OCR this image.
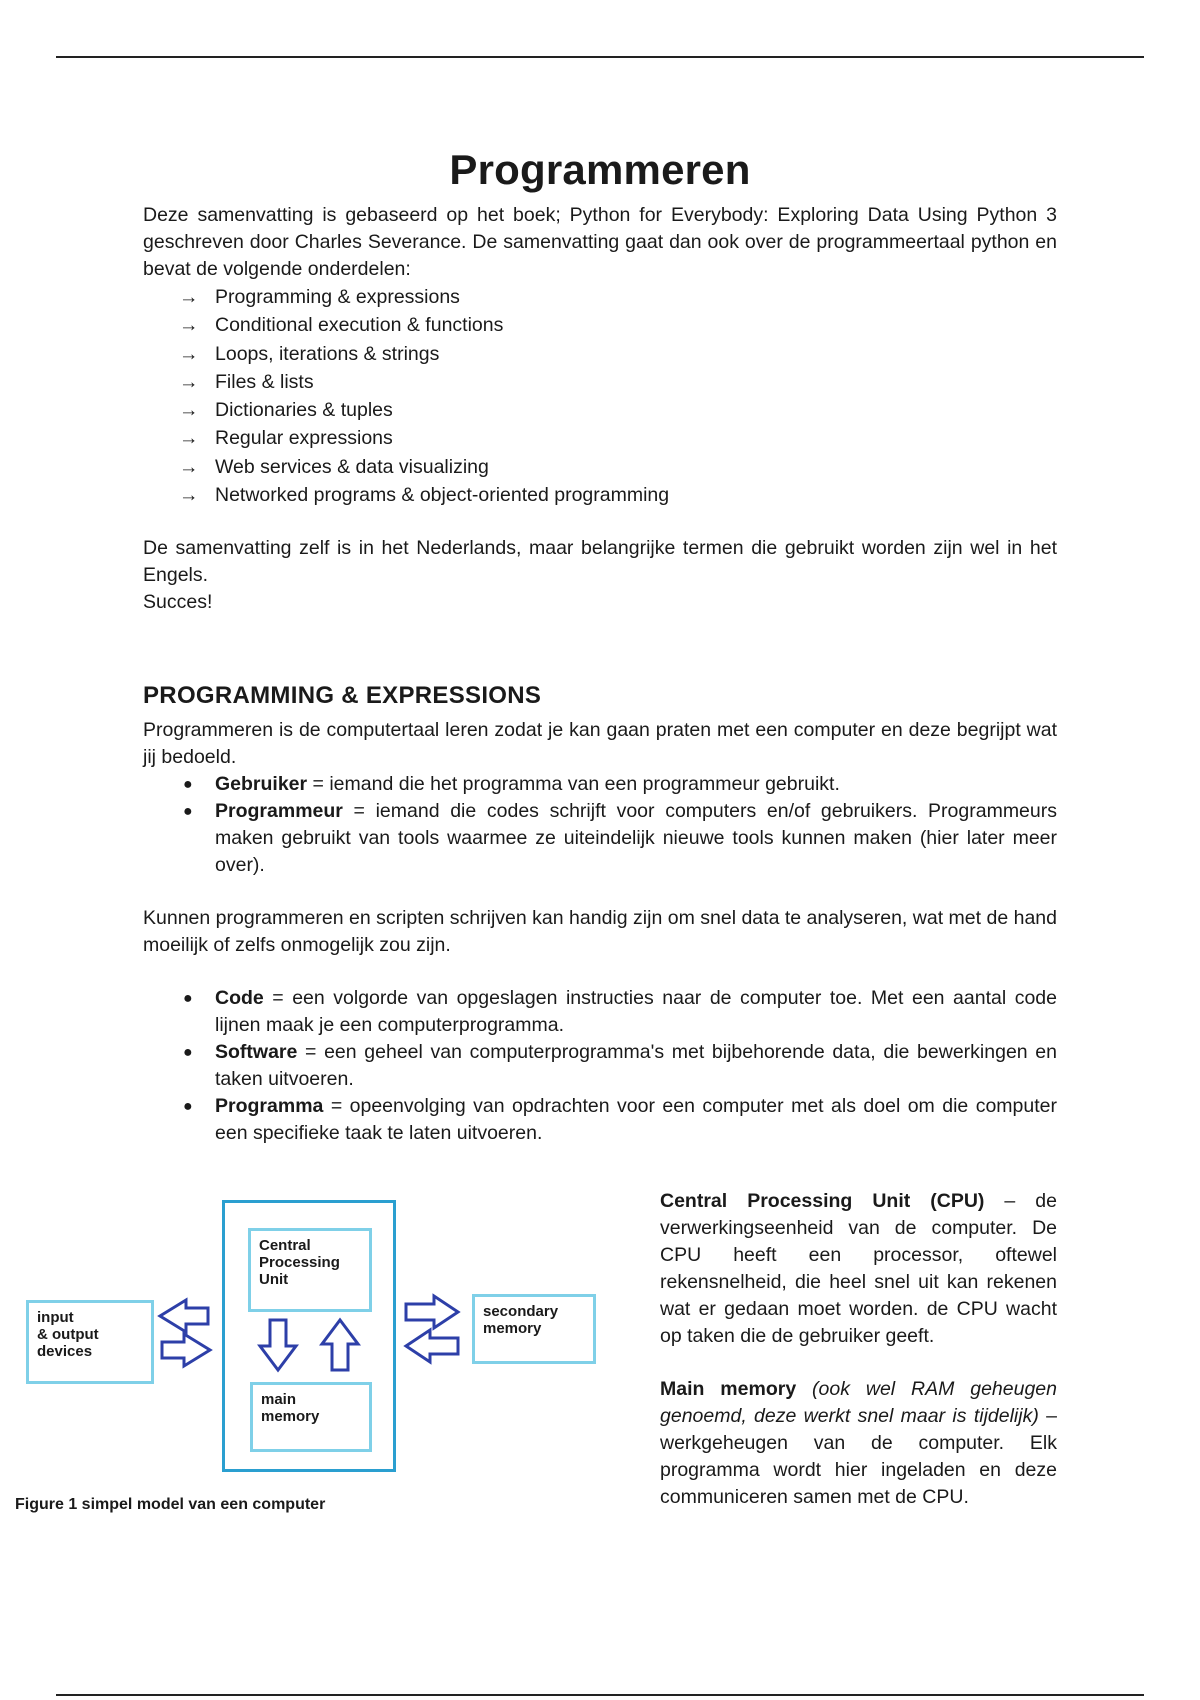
Programmeren

Deze samenvatting is gebaseerd op het boek; Python for Everybody: Exploring Data Using Python 3 geschreven door Charles Severance. De samenvatting gaat dan ook over de programmeertaal python en bevat de volgende onderdelen:

→ Programming & expressions
→ Conditional execution & functions
→ Loops, iterations & strings
→ Files & lists
→ Dictionaries & tuples
→ Regular expressions
→ Web services & data visualizing
→ Networked programs & object-oriented programming

De samenvatting zelf is in het Nederlands, maar belangrijke termen die gebruikt worden zijn wel in het Engels.

Succes!

PROGRAMMING & EXPRESSIONS

Programmeren is de computertaal leren zodat je kan gaan praten met een computer en deze begrijpt wat jij bedoeld.

● Gebruiker = iemand die het programma van een programmeur gebruikt.
● Programmeur = iemand die codes schrijft voor computers en/of gebruikers. Programmeurs maken gebruikt van tools waarmee ze uiteindelijk nieuwe tools kunnen maken (hier later meer over).

Kunnen programmeren en scripten schrijven kan handig zijn om snel data te analyseren, wat met de hand moeilijk of zelfs onmogelijk zou zijn.

● Code = een volgorde van opgeslagen instructies naar de computer toe. Met een aantal code lijnen maak je een computerprogramma.
● Software = een geheel van computerprogramma's met bijbehorende data, die bewerkingen en taken uitvoeren.
● Programma = opeenvolging van opdrachten voor een computer met als doel om die computer een specifieke taak te laten uitvoeren.
input
& output
devices
Central
Processing
Unit
main
memory
secondary
memory
Figure 1 simpel model van een computer

Central Processing Unit (CPU) – de verwerkingseenheid van de computer. De CPU heeft een processor, oftewel rekensnelheid, die heel snel uit kan rekenen wat er gedaan moet worden. de CPU wacht op taken die de gebruiker geeft.

Main memory (ook wel RAM geheugen genoemd, deze werkt snel maar is tijdelijk) – werkgeheugen van de computer. Elk programma wordt hier ingeladen en deze communiceren samen met de CPU.
